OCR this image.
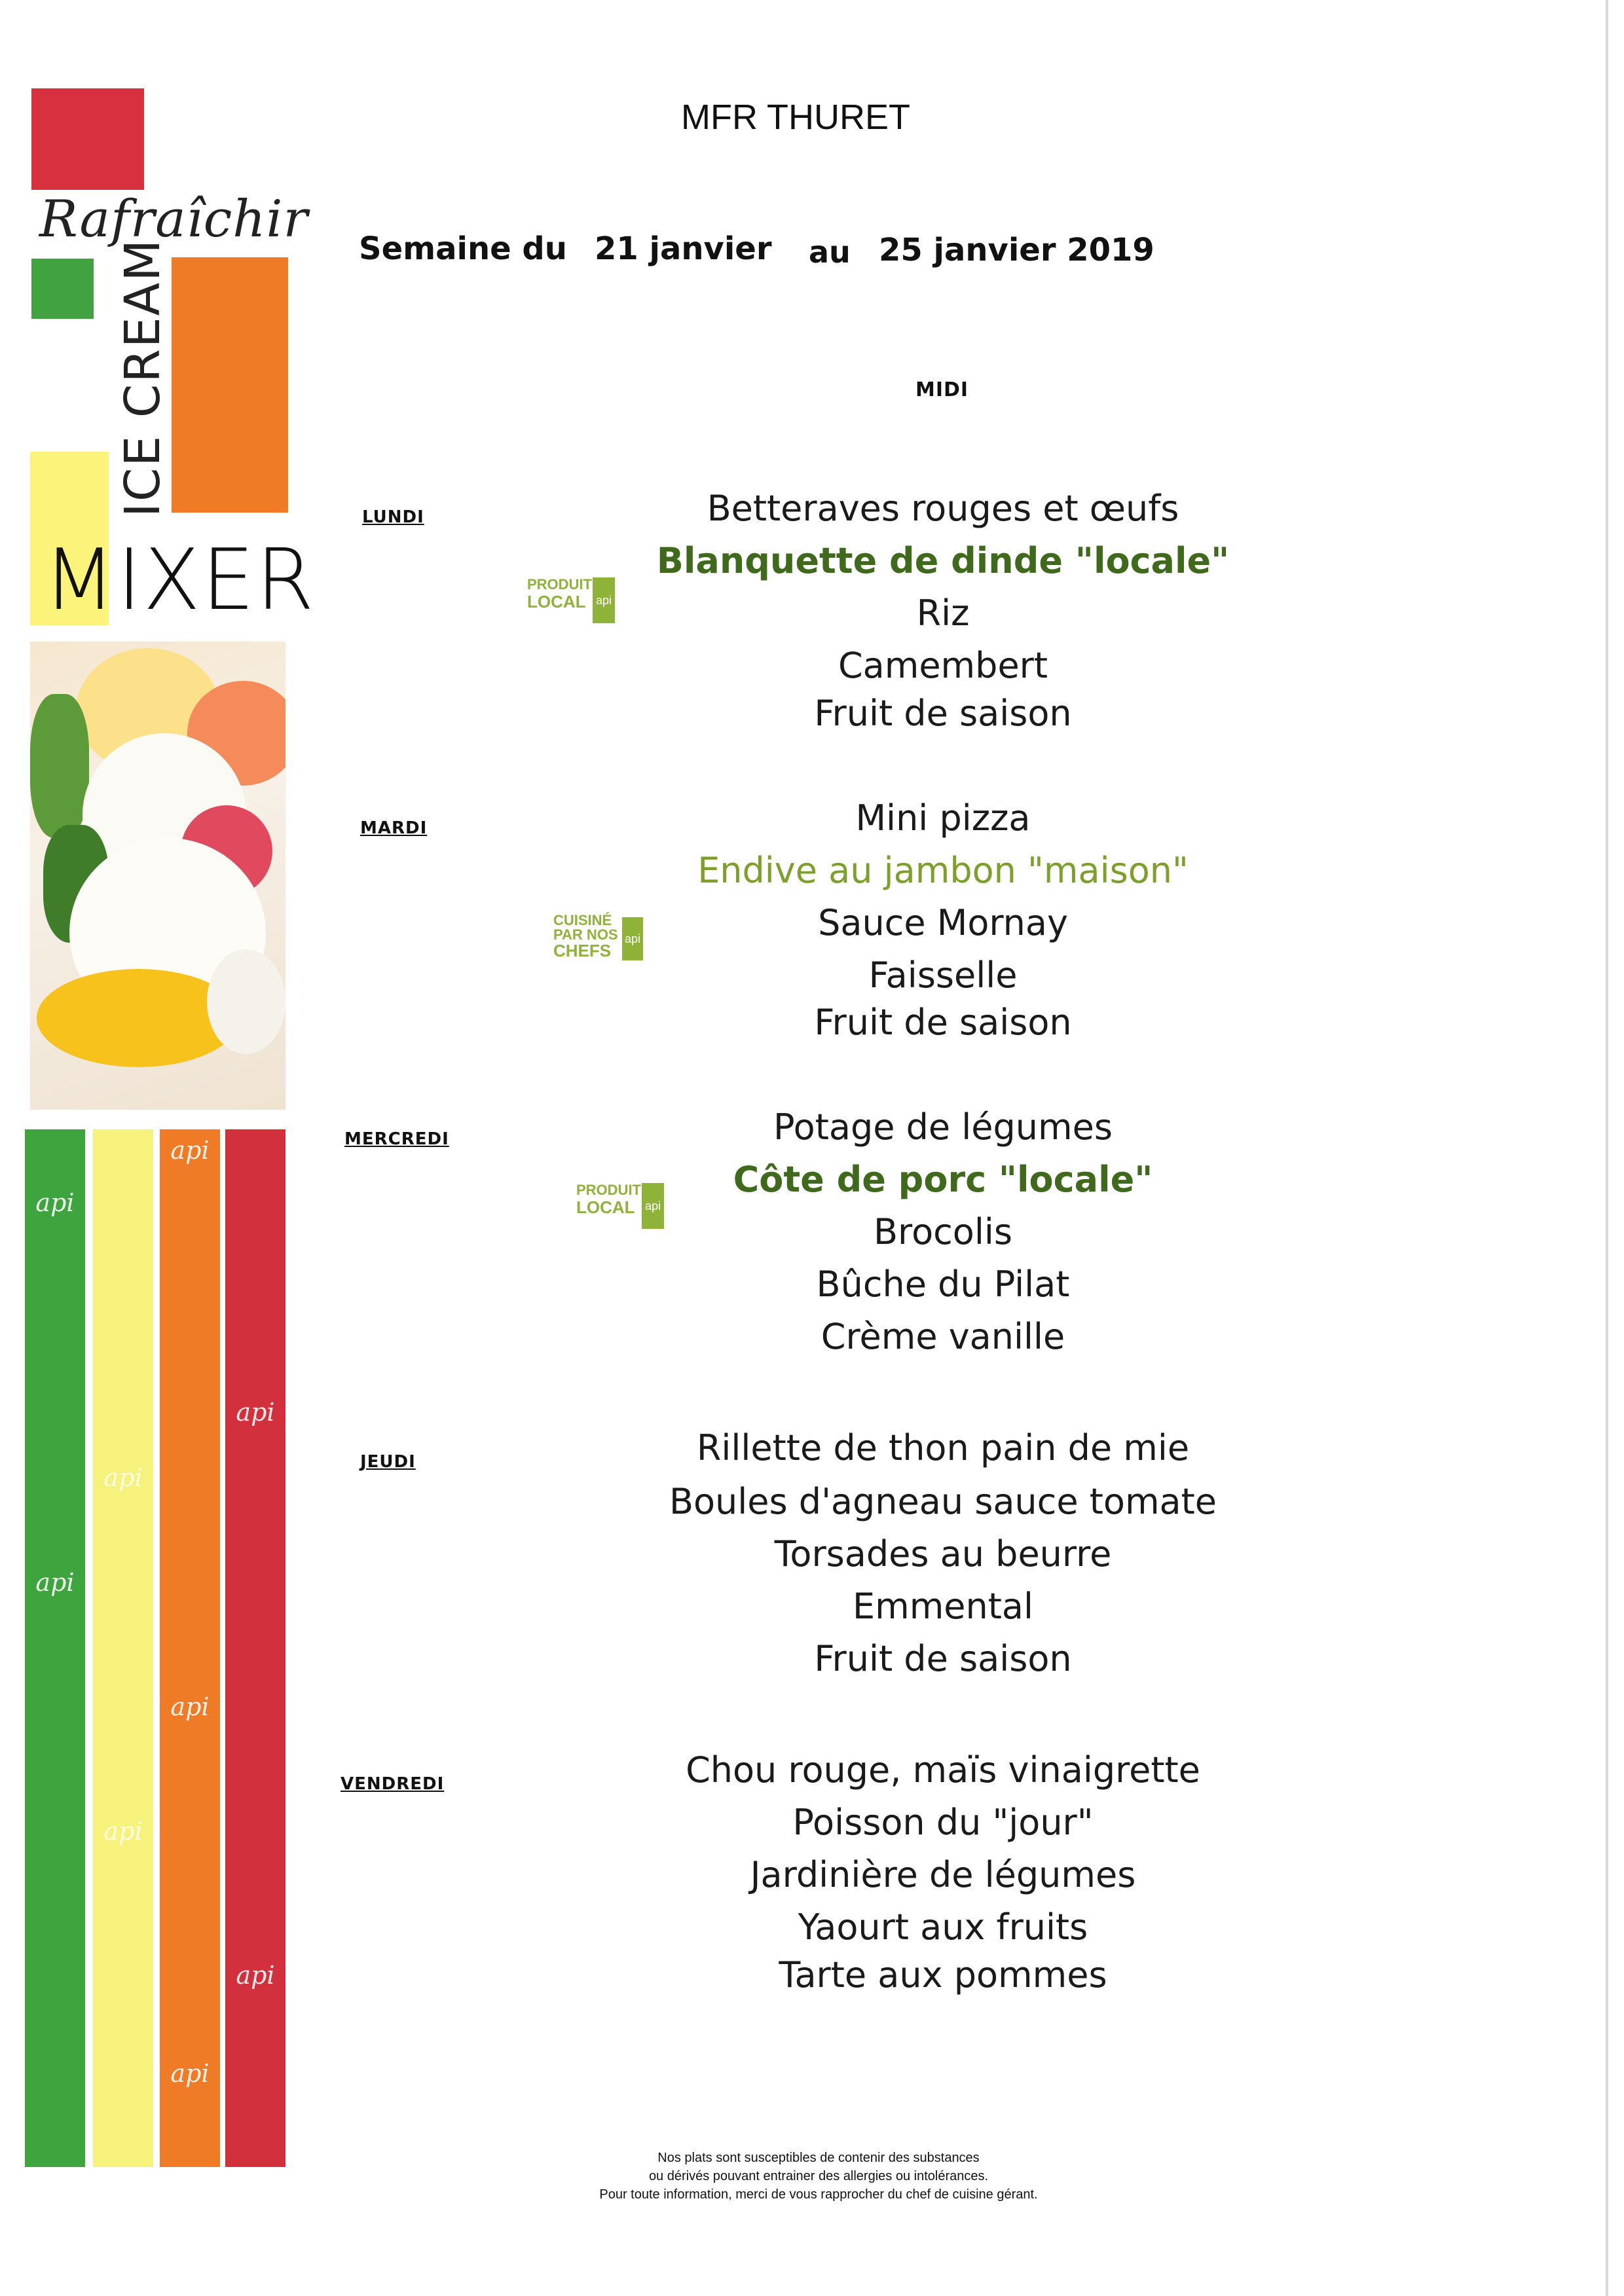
Rafraîchir
ICE CREAM
MIXER
api
api
api
api
api
api
api
api
api
MFR THURET
Semaine du 21 janvier au 25 janvier 2019
MIDI
LUNDI
MARDI
MERCREDI
JEUDI
VENDREDI
PRODUIT
LOCAL api
CUISINÉ
PAR NOS
CHEFS
api
PRODUIT
LOCAL api
Betteraves rouges et œufs
Blanquette de dinde "locale"
Riz
Camembert
Fruit de saison
Mini pizza
Endive au jambon "maison"
Sauce Mornay
Faisselle
Fruit de saison
Potage de légumes
Côte de porc "locale"
Brocolis
Bûche du Pilat
Crème vanille
Rillette de thon pain de mie
Boules d'agneau sauce tomate
Torsades au beurre
Emmental
Fruit de saison
Chou rouge, maïs vinaigrette
Poisson du "jour"
Jardinière de légumes
Yaourt aux fruits
Tarte aux pommes
Nos plats sont susceptibles de contenir des substances
ou dérivés pouvant entrainer des allergies ou intolérances.
Pour toute information, merci de vous rapprocher du chef de cuisine gérant.
